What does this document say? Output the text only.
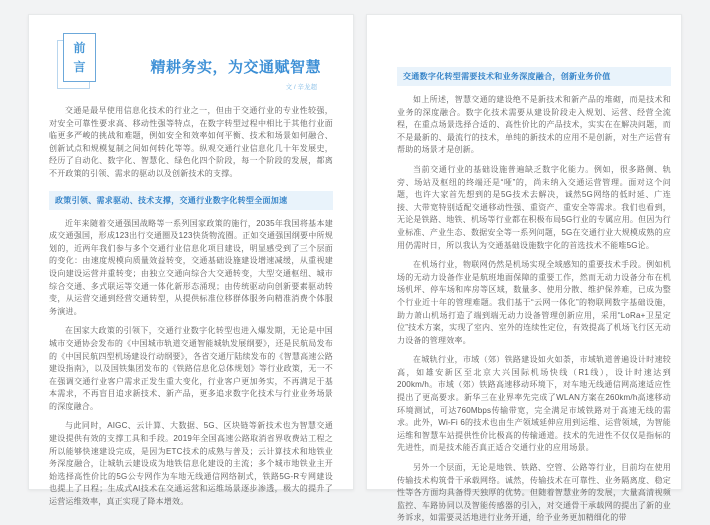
前
言	精耕务实，为交通赋智慧
文 / 辛龙超

交通是最早使用信息化技术的行业之一，但由于交通行业的专业性较强，对安全可靠性要求高、移动性强等特点，在数字转型过程中相比于其他行业面临更多严峻的挑战和难题，例如安全和效率如何平衡、技术和场景如何融合、创新试点和规模复制之间如何转化等等。纵观交通行业信息化几十年发展史，经历了自动化、数字化、智慧化、绿色化四个阶段，每一个阶段的发展，都离不开政策的引领、需求的驱动以及创新技术的支撑。

政策引领、需求驱动、技术支撑，交通行业数字化转型全面加速

近年来随着交通强国战略等一系列国家政策的施行，2035年我国将基本建成交通强国，形成123出行交通圈及123快货物流圈。正如交通强国纲要中所规划的，近两年我们参与多个交通行业信息化项目建设，明显感受到了三个层面的变化：由速度规模向质量效益转变，交通基础设施建设增速减缓，从重视建设向建设运营并重转变；由独立交通向综合大交通转变，大型交通枢纽、城市综合交通、多式联运等交通一体化新形态涌现；由传统驱动向创新要素驱动转变，从运营交通到经营交通转型，从提供标准位移群体服务向精准消费个体服务演进。

在国家大政策的引领下，交通行业数字化转型也进入爆发期，无论是中国城市交通协会发布的《中国城市轨道交通智能城轨发展纲要》，还是民航局发布的《中国民航四型机场建设行动纲要》，各省交通厅陆续发布的《智慧高速公路建设指南》，以及国铁集团发布的《铁路信息化总体规划》等行业政策，无一不在强调交通行业客户需求正发生重大变化，行业客户更加务实，不再满足于基本需求，不再盲目追求新技术、新产品，更多追求数字化技术与行业业务场景的深度融合。

与此同时，AIGC、云计算、大数据、5G、区块链等新技术也为智慧交通建设提供有效的支撑工具和手段。2019年全国高速公路取消省界收费站工程之所以能够快速建设完成，是因为ETC技术的成熟与普及；云计算技术和地铁业务深度融合，让城轨云建设成为地铁信息化建设的主流；多个城市地铁业主开始选择高性价比的5G公专网作为车地无线通信网络制式，铁路5G-R专网建设也提上了日程；生成式AI技术在交通运营和运维场景逐步渗透，极大的提升了运营运维效率，真正实现了降本增效。

交通数字化转型需要技术和业务深度融合，创新业务价值

如上所述，智慧交通的建设绝不是新技术和新产品的堆砌，而是技术和业务的深度融合。数字化技术需要从建设阶段走入规划、运营、经营全流程，在重点场景选择合适的、高性价比的产品技术，实实在在解决问题，而不是最新的、最流行的技术，单纯的新技术的应用不是创新，对生产运营有帮助的场景才是创新。

当前交通行业的基础设施普遍缺乏数字化能力。例如，很多路侧、轨旁、场站及枢纽的终端还是“哑”的，尚未纳入交通运营管理。面对这个问题，也许大家首先想到的是5G技术去解决，诚然5G网络的低时延、广连接、大带宽特别适配交通移动性强、重资产、重安全等需求。我们也看到，无论是铁路、地铁、机场等行业都在积极布局5G行业的专属应用。但因为行业标准、产业生态、数据安全等一系列问题，5G在交通行业大规模成熟的应用仍需时日，所以我认为交通基础设施数字化的首选技术不能唯5G论。

在机场行业，物联网仍然是机场实现全域感知的重要技术手段。例如机场的无动力设备作业是航班地面保障的重要工作，然而无动力设备分布在机场机坪、停车场和库房等区域，数量多、使用分散、维护保养难，已成为整个行业近十年的管理难题。我们基于“云网一体化”的物联网数字基础设施，助力萧山机场打造了端到端无动力设备管理创新应用，采用“LoRa+卫星定位”技术方案，实现了室内、室外的连续性定位，有效提高了机场飞行区无动力设备的管理效率。

在城轨行业，市域（郊）铁路建设如火如荼，市域轨道普遍设计时速较高，如雄安新区至北京大兴国际机场快线（R1线），设计时速达到200km/h。市域（郊）铁路高速移动环境下，对车地无线通信网高速适应性提出了更高要求。新华三在业界率先完成了WLAN方案在260km/h高速移动环境测试，可达760Mbps传输带宽，完全满足市域铁路对于高速无线的需求。此外，Wi-Fi 6的技术也由生产领域延伸应用到运维、运营领域，为智能运维和智慧车站提供性价比极高的传输通道。技术的先进性不仅仅是指标的先进性，而是技术能否真正适合交通行业的应用场景。

另外一个层面，无论是地铁、铁路、空管、公路等行业，目前均在使用传输技术构筑骨干承载网络。诚然，传输技术在可靠性、业务隔离度、稳定性等各方面均具备得天独厚的优势。但随着智慧业务的发展，大量高清视频监控、车路协同以及智能传感器的引入，对交通骨干承载网的提出了新的业务诉求，如需要灵活地进行业务开通，给予业务更加精细化的带
